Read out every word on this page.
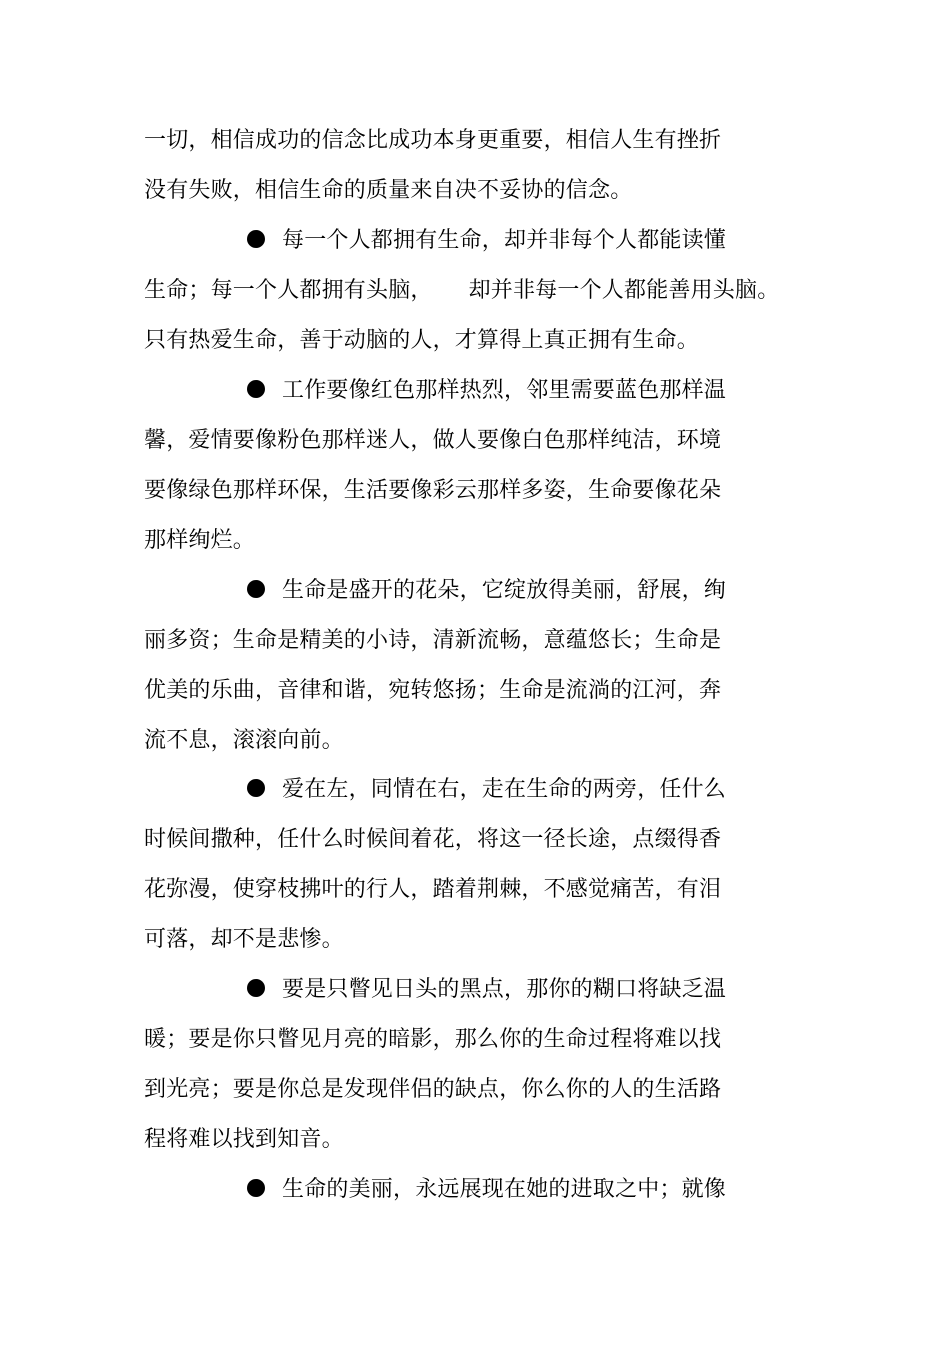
一切，相信成功的信念比成功本身更重要，相信人生有挫折
没有失败，相信生命的质量来自决不妥协的信念。
每一个人都拥有生命，却并非每个人都能读懂
生命；每一个人都拥有头脑， 却并非每一个人都能善用头脑。
只有热爱生命，善于动脑的人，才算得上真正拥有生命。
工作要像红色那样热烈，邻里需要蓝色那样温
馨，爱情要像粉色那样迷人，做人要像白色那样纯洁，环境
要像绿色那样环保，生活要像彩云那样多姿，生命要像花朵
那样绚烂。
生命是盛开的花朵，它绽放得美丽，舒展，绚
丽多资；生命是精美的小诗，清新流畅，意蕴悠长；生命是
优美的乐曲，音律和谐，宛转悠扬；生命是流淌的江河，奔
流不息，滚滚向前。
爱在左，同情在右，走在生命的两旁，任什么
时候间撒种，任什么时候间着花，将这一径长途，点缀得香
花弥漫，使穿枝拂叶的行人，踏着荆棘，不感觉痛苦，有泪
可落，却不是悲惨。
要是只瞥见日头的黑点，那你的糊口将缺乏温
暖；要是你只瞥见月亮的暗影，那么你的生命过程将难以找
到光亮；要是你总是发现伴侣的缺点，你么你的人的生活路
程将难以找到知音。
生命的美丽，永远展现在她的进取之中；就像
